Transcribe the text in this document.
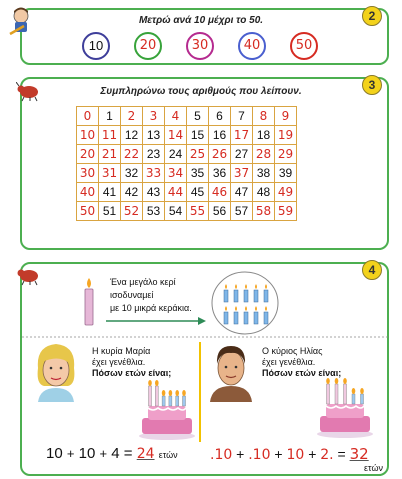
2
Μετρώ ανά 10 μέχρι το 50.
10	20	30	40	50
3
Συμπληρώνω τους αριθμούς που λείπουν.
0	1	2	3	4	5	6	7	8	9
10	11	12	13	14	15	16	17	18	19
20	21	22	23	24	25	26	27	28	29
30	31	32	33	34	35	36	37	38	39
40	41	42	43	44	45	46	47	48	49
50	51	52	53	54	55	56	57	58	59
4
Ένα μεγάλο κερί
ισοδυναμεί
με 10 μικρά κεράκια.
Η κυρία Μαρία
έχει γενέθλια.
Πόσων ετών είναι;
Ο κύριος Ηλίας
έχει γενέθλια.
Πόσων ετών είναι;
10 + 10 + 4 = 24 ετών .10 + .10 + 10 + 2. = 32
ετών
